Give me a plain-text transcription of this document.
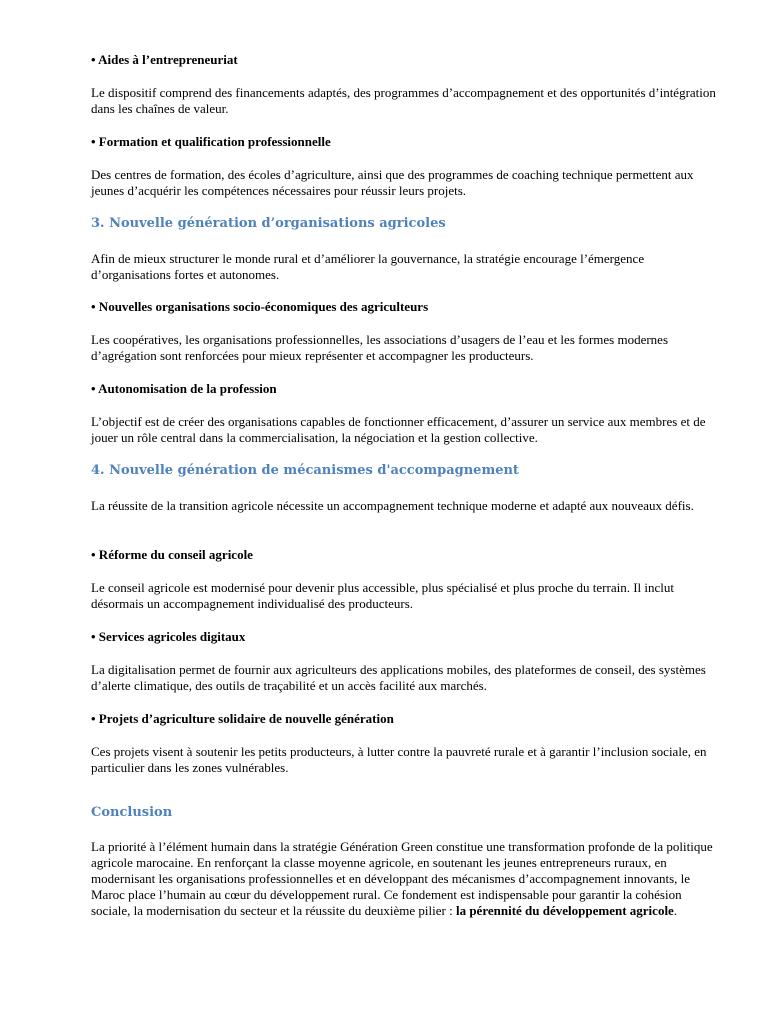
• Aides à l’entrepreneuriat

Le dispositif comprend des financements adaptés, des programmes d’accompagnement et des opportunités d’intégration dans les chaînes de valeur.

• Formation et qualification professionnelle

Des centres de formation, des écoles d’agriculture, ainsi que des programmes de coaching technique permettent aux jeunes d’acquérir les compétences nécessaires pour réussir leurs projets.

3. Nouvelle génération d’organisations agricoles

Afin de mieux structurer le monde rural et d’améliorer la gouvernance, la stratégie encourage l’émergence d’organisations fortes et autonomes.

• Nouvelles organisations socio-économiques des agriculteurs

Les coopératives, les organisations professionnelles, les associations d’usagers de l’eau et les formes modernes d’agrégation sont renforcées pour mieux représenter et accompagner les producteurs.

• Autonomisation de la profession

L’objectif est de créer des organisations capables de fonctionner efficacement, d’assurer un service aux membres et de jouer un rôle central dans la commercialisation, la négociation et la gestion collective.

4. Nouvelle génération de mécanismes d'accompagnement

La réussite de la transition agricole nécessite un accompagnement technique moderne et adapté aux nouveaux défis.

• Réforme du conseil agricole

Le conseil agricole est modernisé pour devenir plus accessible, plus spécialisé et plus proche du terrain. Il inclut désormais un accompagnement individualisé des producteurs.

• Services agricoles digitaux

La digitalisation permet de fournir aux agriculteurs des applications mobiles, des plateformes de conseil, des systèmes d’alerte climatique, des outils de traçabilité et un accès facilité aux marchés.

• Projets d’agriculture solidaire de nouvelle génération

Ces projets visent à soutenir les petits producteurs, à lutter contre la pauvreté rurale et à garantir l’inclusion sociale, en particulier dans les zones vulnérables.

Conclusion

La priorité à l’élément humain dans la stratégie Génération Green constitue une transformation profonde de la politique agricole marocaine. En renforçant la classe moyenne agricole, en soutenant les jeunes entrepreneurs ruraux, en modernisant les organisations professionnelles et en développant des mécanismes d’accompagnement innovants, le Maroc place l’humain au cœur du développement rural. Ce fondement est indispensable pour garantir la cohésion sociale, la modernisation du secteur et la réussite du deuxième pilier : la pérennité du développement agricole.
